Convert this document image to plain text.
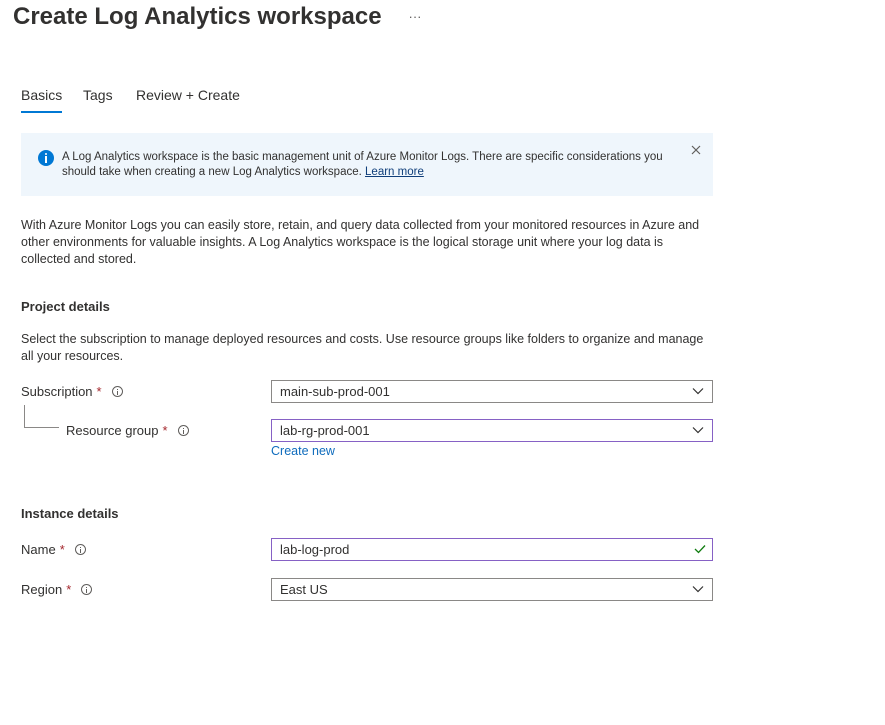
Create Log Analytics workspace ···
Basics Tags Review + Create
A Log Analytics workspace is the basic management unit of Azure Monitor Logs. There are specific considerations you should take when creating a new Log Analytics workspace. Learn more
With Azure Monitor Logs you can easily store, retain, and query data collected from your monitored resources in Azure and other environments for valuable insights. A Log Analytics workspace is the logical storage unit where your log data is collected and stored.
Project details
Select the subscription to manage deployed resources and costs. Use resource groups like folders to organize and manage all your resources.
Subscription *	main-sub-prod-001
Resource group *	lab-rg-prod-001
Create new
Instance details
Name *	lab-log-prod
Region *	East US
